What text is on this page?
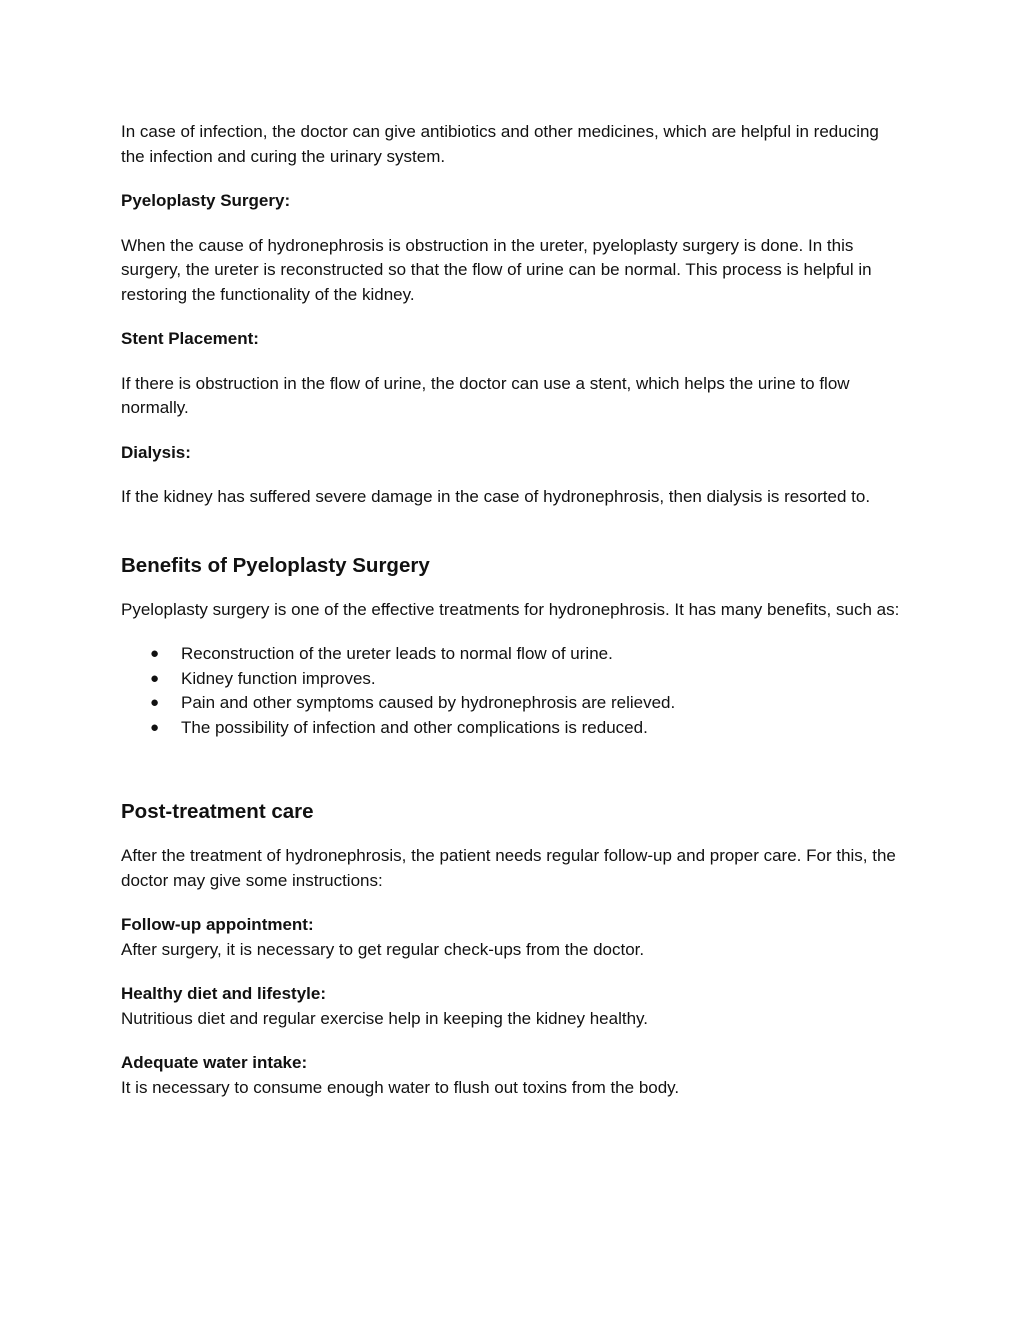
In case of infection, the doctor can give antibiotics and other medicines, which are helpful in reducing the infection and curing the urinary system.

Pyeloplasty Surgery:

When the cause of hydronephrosis is obstruction in the ureter, pyeloplasty surgery is done. In this surgery, the ureter is reconstructed so that the flow of urine can be normal. This process is helpful in restoring the functionality of the kidney.

Stent Placement:

If there is obstruction in the flow of urine, the doctor can use a stent, which helps the urine to flow normally.

Dialysis:

If the kidney has suffered severe damage in the case of hydronephrosis, then dialysis is resorted to.

Benefits of Pyeloplasty Surgery

Pyeloplasty surgery is one of the effective treatments for hydronephrosis. It has many benefits, such as:

● Reconstruction of the ureter leads to normal flow of urine.
● Kidney function improves.
● Pain and other symptoms caused by hydronephrosis are relieved.
● The possibility of infection and other complications is reduced.
Post-treatment care

After the treatment of hydronephrosis, the patient needs regular follow-up and proper care. For this, the doctor may give some instructions:

Follow-up appointment:

After surgery, it is necessary to get regular check-ups from the doctor.

Healthy diet and lifestyle:

Nutritious diet and regular exercise help in keeping the kidney healthy.

Adequate water intake:

It is necessary to consume enough water to flush out toxins from the body.
